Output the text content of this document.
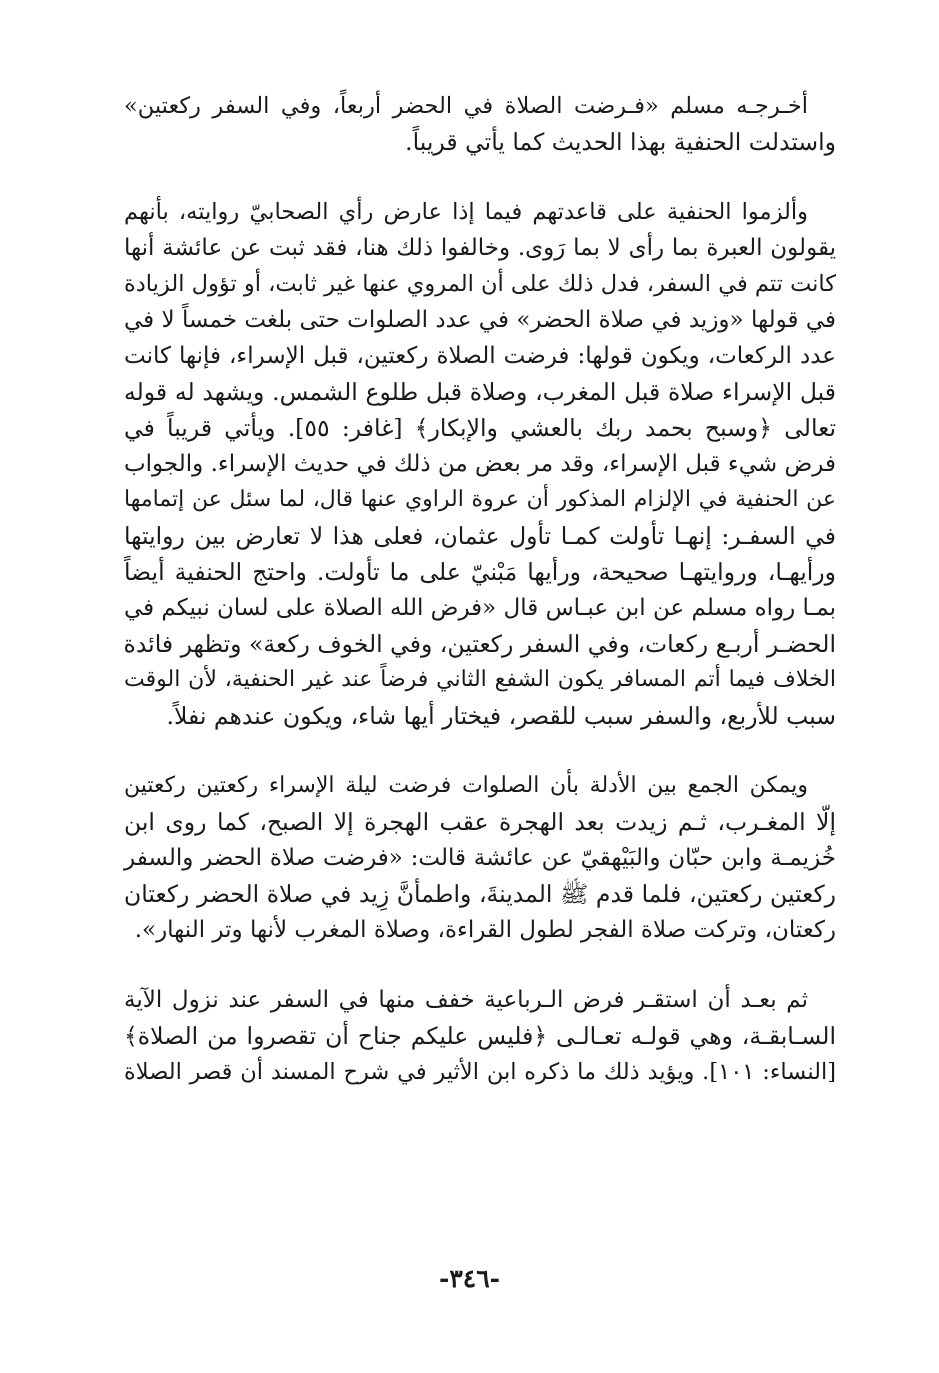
أخـرجـه مسلم «فـرضت الصلاة في الحضر أربعاً، وفي السفر ركعتين»
واستدلت الحنفية بهذا الحديث كما يأتي قريباً.
وألزموا الحنفية على قاعدتهم فيما إذا عارض رأي الصحابيّ روايته، بأنهم
يقولون العبرة بما رأى لا بما رَوى. وخالفوا ذلك هنا، فقد ثبت عن عائشة أنها
كانت تتم في السفر، فدل ذلك على أن المروي عنها غير ثابت، أو تؤول الزيادة
في قولها «وزيد في صلاة الحضر» في عدد الصلوات حتى بلغت خمساً لا في
عدد الركعات، ويكون قولها: فرضت الصلاة ركعتين، قبل الإسراء، فإنها كانت
قبل الإسراء صلاة قبل المغرب، وصلاة قبل طلوع الشمس. ويشهد له قوله
تعالى ﴿وسبح بحمد ربك بالعشي والإبكار﴾ [غافر: ٥٥]. ويأتي قريباً في
فرض شيء قبل الإسراء، وقد مر بعض من ذلك في حديث الإسراء. والجواب
عن الحنفية في الإلزام المذكور أن عروة الراوي عنها قال، لما سئل عن إتمامها
في السفـر: إنهـا تأولت كمـا تأول عثمان، فعلى هذا لا تعارض بين روايتها
ورأيهـا، وروايتهـا صحيحة، ورأيها مَبْنيّ على ما تأولت. واحتج الحنفية أيضاً
بمـا رواه مسلم عن ابن عبـاس قال «فرض الله الصلاة على لسان نبيكم في
الحضـر أربـع ركعات، وفي السفر ركعتين، وفي الخوف ركعة» وتظهر فائدة
الخلاف فيما أتم المسافر يكون الشفع الثاني فرضاً عند غير الحنفية، لأن الوقت
سبب للأربع، والسفر سبب للقصر، فيختار أيها شاء، ويكون عندهم نفلاً.
ويمكن الجمع بين الأدلة بأن الصلوات فرضت ليلة الإسراء ركعتين ركعتين
إلّا المغـرب، ثـم زيدت بعد الهجرة عقب الهجرة إلا الصبح، كما روى ابن
خُزيمـة وابن حبّان والبَيْهقيّ عن عائشة قالت: «فرضت صلاة الحضر والسفر
ركعتين ركعتين، فلما قدم ﷺ المدينةَ، واطمأنَّ زِيد في صلاة الحضر ركعتان
ركعتان، وتركت صلاة الفجر لطول القراءة، وصلاة المغرب لأنها وتر النهار».
ثم بعـد أن استقـر فرض الـرباعية خفف منها في السفر عند نزول الآية
السـابقـة، وهي قولـه تعـالـى ﴿فليس عليكم جناح أن تقصروا من الصلاة﴾
[النساء: ١٠١]. ويؤيد ذلك ما ذكره ابن الأثير في شرح المسند أن قصر الصلاة
-٣٤٦-
